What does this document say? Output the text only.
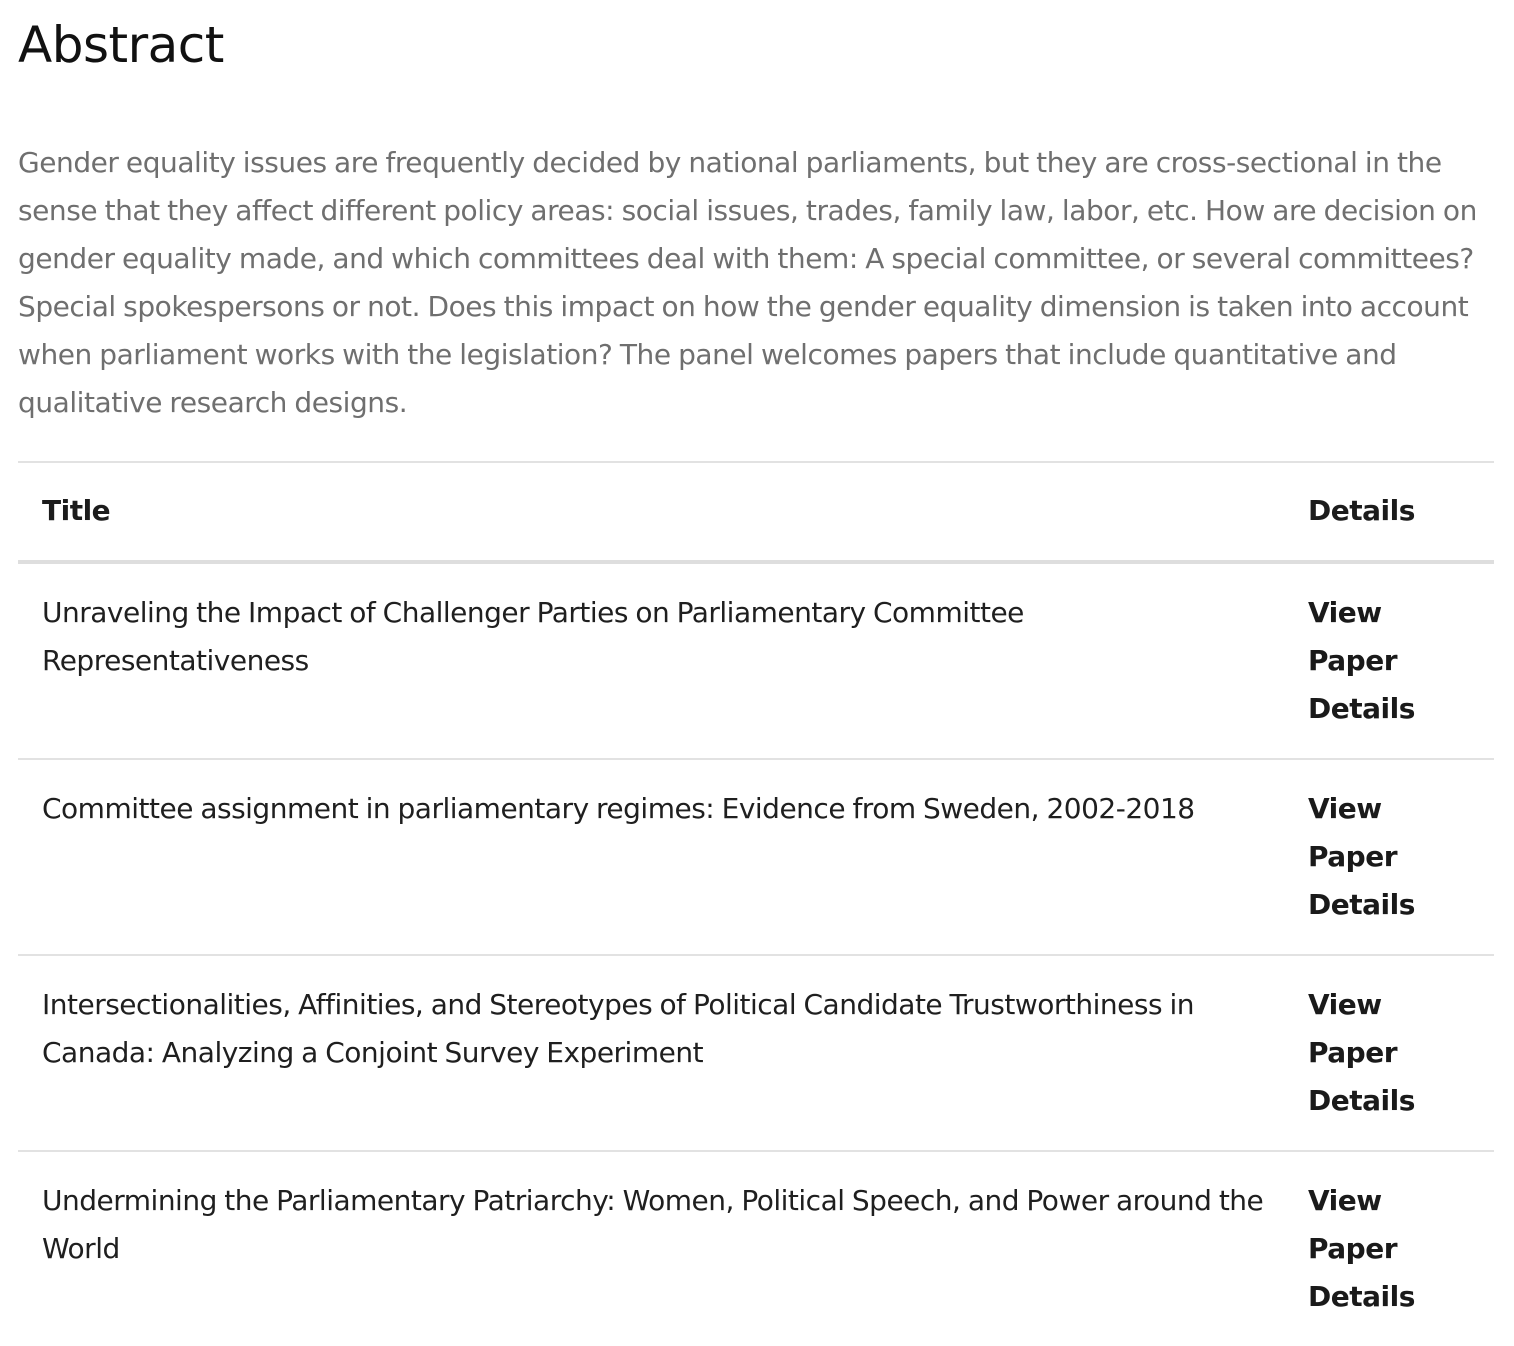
Abstract

Gender equality issues are frequently decided by national parliaments, but they are cross-sectional in the sense that they affect different policy areas: social issues, trades, family law, labor, etc. How are decision on gender equality made, and which committees deal with them: A special committee, or several committees? Special spokespersons or not. Does this impact on how the gender equality dimension is taken into account when parliament works with the legislation? The panel welcomes papers that include quantitative and qualitative research designs.

Title	Details
Unraveling the Impact of Challenger Parties on Parliamentary Committee Representativeness	View Paper Details
Committee assignment in parliamentary regimes: Evidence from Sweden, 2002-2018	View Paper Details
Intersectionalities, Affinities, and Stereotypes of Political Candidate Trustworthiness in Canada: Analyzing a Conjoint Survey Experiment	View Paper Details
Undermining the Parliamentary Patriarchy: Women, Political Speech, and Power around the World	View Paper Details
